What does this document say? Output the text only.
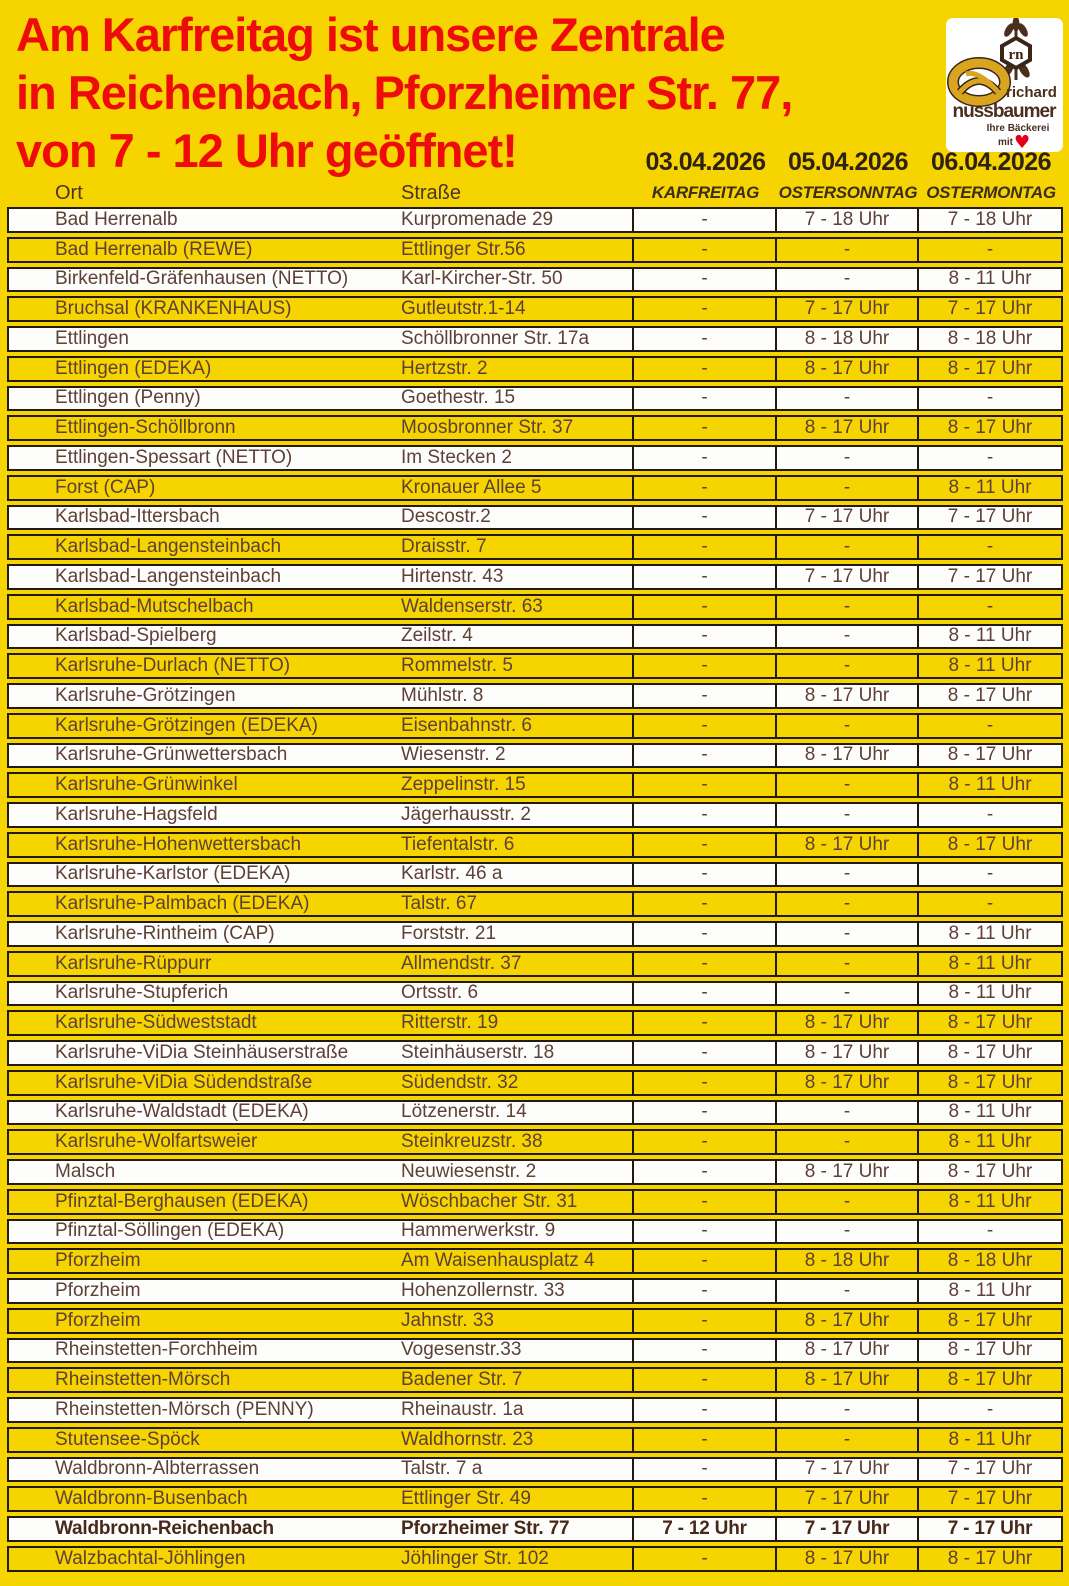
Am Karfreitag ist unsere Zentrale
in Reichenbach, Pforzheimer Str. 77,
von 7 - 12 Uhr geöffnet!
rn
richard
nussbaumer
Ihre Bäckerei
mit ♥
03.04.2026 05.04.2026 06.04.2026
KARFREITAG	OSTERSONNTAG OSTERMONTAG
Ort	Straße
Bad Herrenalb	Kurpromenade 29	-	7 - 18 Uhr	7 - 18 Uhr
Bad Herrenalb (REWE)	Ettlinger Str.56	-	-	-
Birkenfeld-Gräfenhausen (NETTO)	Karl-Kircher-Str. 50	-	-	8 - 11 Uhr
Bruchsal (KRANKENHAUS)	Gutleutstr.1-14	-	7 - 17 Uhr	7 - 17 Uhr
Ettlingen	Schöllbronner Str. 17a	-	8 - 18 Uhr	8 - 18 Uhr
Ettlingen (EDEKA)	Hertzstr. 2	-	8 - 17 Uhr	8 - 17 Uhr
Ettlingen (Penny)	Goethestr. 15	-	-	-
Ettlingen-Schöllbronn	Moosbronner Str. 37	-	8 - 17 Uhr	8 - 17 Uhr
Ettlingen-Spessart (NETTO)	Im Stecken 2	-	-	-
Forst (CAP)	Kronauer Allee 5	-	-	8 - 11 Uhr
Karlsbad-Ittersbach	Descostr.2	-	7 - 17 Uhr	7 - 17 Uhr
Karlsbad-Langensteinbach	Draisstr. 7	-	-	-
Karlsbad-Langensteinbach	Hirtenstr. 43	-	7 - 17 Uhr	7 - 17 Uhr
Karlsbad-Mutschelbach	Waldenserstr. 63	-	-	-
Karlsbad-Spielberg	Zeilstr. 4	-	-	8 - 11 Uhr
Karlsruhe-Durlach (NETTO)	Rommelstr. 5	-	-	8 - 11 Uhr
Karlsruhe-Grötzingen	Mühlstr. 8	-	8 - 17 Uhr	8 - 17 Uhr
Karlsruhe-Grötzingen (EDEKA)	Eisenbahnstr. 6	-	-	-
Karlsruhe-Grünwettersbach	Wiesenstr. 2	-	8 - 17 Uhr	8 - 17 Uhr
Karlsruhe-Grünwinkel	Zeppelinstr. 15	-	-	8 - 11 Uhr
Karlsruhe-Hagsfeld	Jägerhausstr. 2	-	-	-
Karlsruhe-Hohenwettersbach	Tiefentalstr. 6	-	8 - 17 Uhr	8 - 17 Uhr
Karlsruhe-Karlstor (EDEKA)	Karlstr. 46 a	-	-	-
Karlsruhe-Palmbach (EDEKA)	Talstr. 67	-	-	-
Karlsruhe-Rintheim (CAP)	Forststr. 21	-	-	8 - 11 Uhr
Karlsruhe-Rüppurr	Allmendstr. 37	-	-	8 - 11 Uhr
Karlsruhe-Stupferich	Ortsstr. 6	-	-	8 - 11 Uhr
Karlsruhe-Südweststadt	Ritterstr. 19	-	8 - 17 Uhr	8 - 17 Uhr
Karlsruhe-ViDia Steinhäuserstraße	Steinhäuserstr. 18	-	8 - 17 Uhr	8 - 17 Uhr
Karlsruhe-ViDia Südendstraße	Südendstr. 32	-	8 - 17 Uhr	8 - 17 Uhr
Karlsruhe-Waldstadt (EDEKA)	Lötzenerstr. 14	-	-	8 - 11 Uhr
Karlsruhe-Wolfartsweier	Steinkreuzstr. 38	-	-	8 - 11 Uhr
Malsch	Neuwiesenstr. 2	-	8 - 17 Uhr	8 - 17 Uhr
Pfinztal-Berghausen (EDEKA)	Wöschbacher Str. 31	-	-	8 - 11 Uhr
Pfinztal-Söllingen (EDEKA)	Hammerwerkstr. 9	-	-	-
Pforzheim	Am Waisenhausplatz 4	-	8 - 18 Uhr	8 - 18 Uhr
Pforzheim	Hohenzollernstr. 33	-	-	8 - 11 Uhr
Pforzheim	Jahnstr. 33	-	8 - 17 Uhr	8 - 17 Uhr
Rheinstetten-Forchheim	Vogesenstr.33	-	8 - 17 Uhr	8 - 17 Uhr
Rheinstetten-Mörsch	Badener Str. 7	-	8 - 17 Uhr	8 - 17 Uhr
Rheinstetten-Mörsch (PENNY)	Rheinaustr. 1a	-	-	-
Stutensee-Spöck	Waldhornstr. 23	-	-	8 - 11 Uhr
Waldbronn-Albterrassen	Talstr. 7 a	-	7 - 17 Uhr	7 - 17 Uhr
Waldbronn-Busenbach	Ettlinger Str. 49	-	7 - 17 Uhr	7 - 17 Uhr
Waldbronn-Reichenbach	Pforzheimer Str. 77	7 - 12 Uhr	7 - 17 Uhr	7 - 17 Uhr
Walzbachtal-Jöhlingen	Jöhlinger Str. 102	-	8 - 17 Uhr	8 - 17 Uhr
